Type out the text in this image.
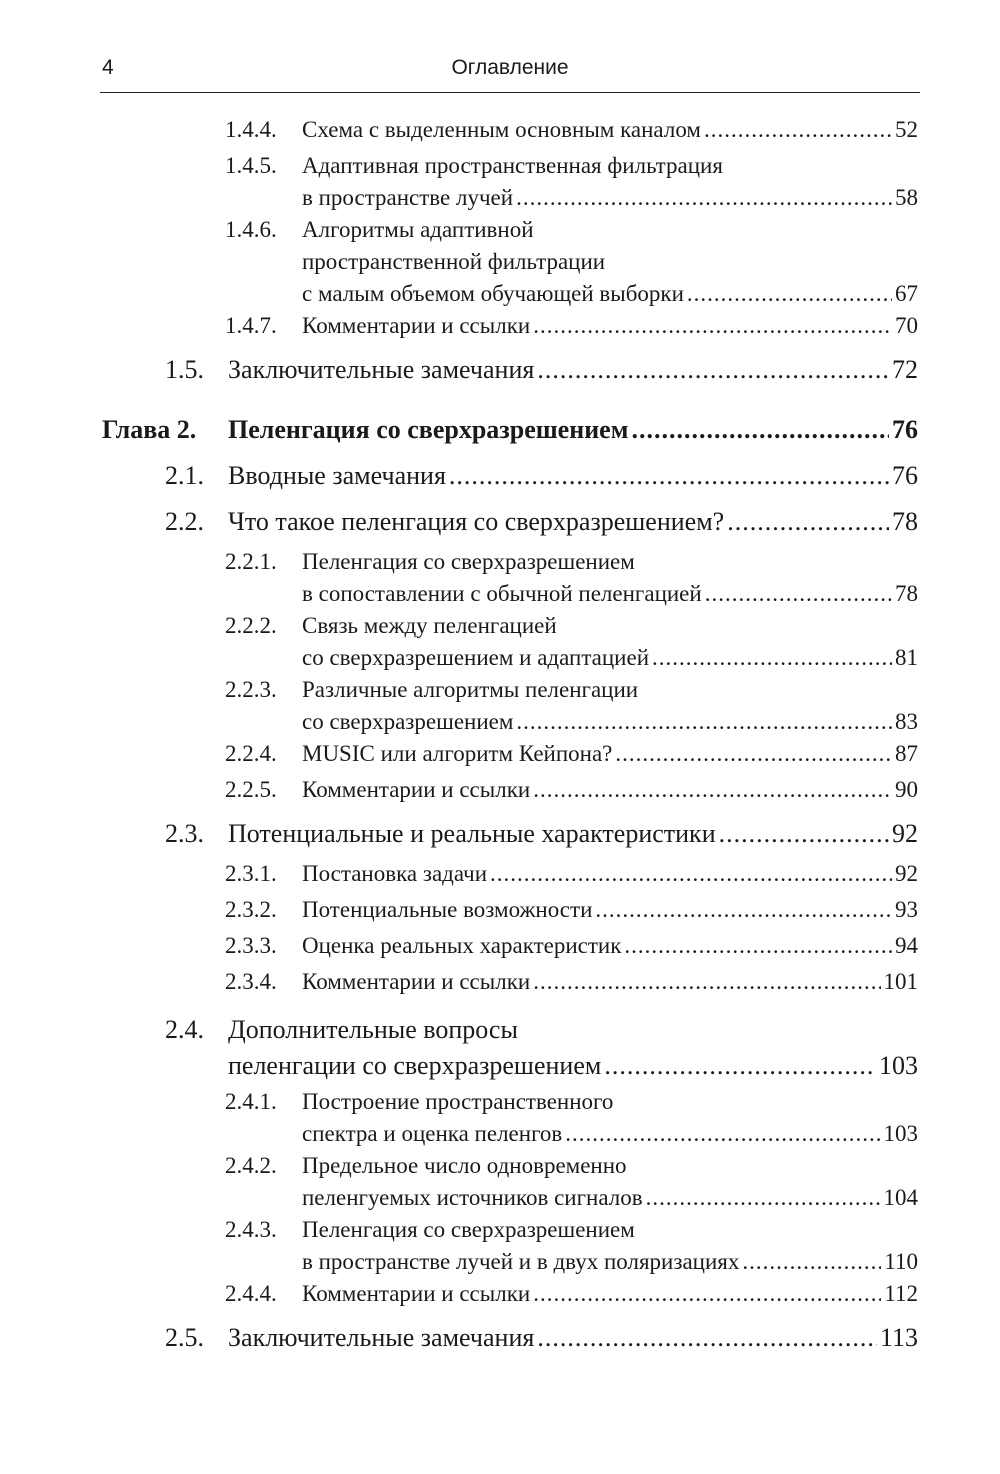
4	Оглавление
1.4.4. Схема с выделенным основным каналом .....	52
1.4.5. Адаптивная пространственная фильтрация
в пространстве лучей .....	58
1.4.6. Алгоритмы адаптивной
пространственной фильтрации
с малым объемом обучающей выборки .....	67
1.4.7. Комментарии и ссылки .....	70
1.5. Заключительные замечания .....	72
Глава 2. Пеленгация со сверхразрешением .....	76
2.1. Вводные замечания .....	76
2.2. Что такое пеленгация со сверхразрешением? .....	78
2.2.1. Пеленгация со сверхразрешением
в сопоставлении с обычной пеленгацией .....	78
2.2.2. Связь между пеленгацией
со сверхразрешением и адаптацией .....	81
2.2.3. Различные алгоритмы пеленгации
со сверхразрешением .....	83
2.2.4. MUSIC или алгоритм Кейпона? .....	87
2.2.5. Комментарии и ссылки .....	90
2.3. Потенциальные и реальные характеристики .....	92
2.3.1. Постановка задачи .....	92
2.3.2. Потенциальные возможности .....	93
2.3.3. Оценка реальных характеристик .....	94
2.3.4. Комментарии и ссылки .....	101
2.4. Дополнительные вопросы
пеленгации со сверхразрешением .....	103
2.4.1. Построение пространственного
спектра и оценка пеленгов .....	103
2.4.2. Предельное число одновременно
пеленгуемых источников сигналов .....	104
2.4.3. Пеленгация со сверхразрешением
в пространстве лучей и в двух поляризациях .....	110
2.4.4. Комментарии и ссылки .....	112
2.5. Заключительные замечания .....	113
